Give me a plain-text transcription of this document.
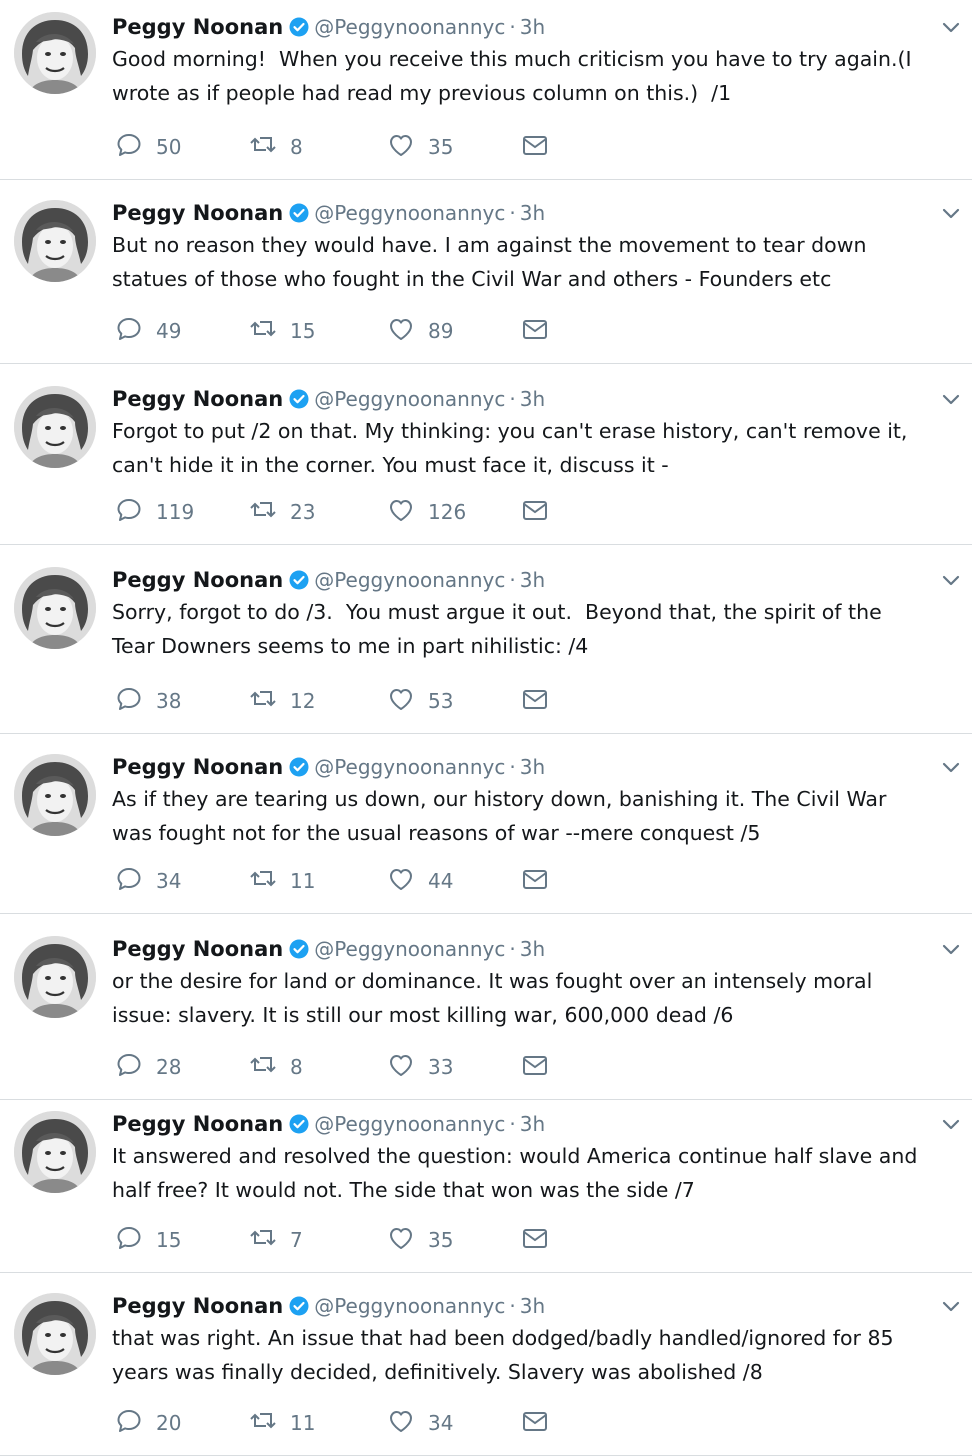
Peggy Noonan @Peggynoonannyc · 3h
Good morning!  When you receive this much criticism you have to try again.(I
wrote as if people had read my previous column on this.)  /1
50	8	35
Peggy Noonan @Peggynoonannyc · 3h
But no reason they would have. I am against the movement to tear down
statues of those who fought in the Civil War and others - Founders etc
49	15	89
Peggy Noonan @Peggynoonannyc · 3h
Forgot to put /2 on that. My thinking: you can't erase history, can't remove it,
can't hide it in the corner. You must face it, discuss it -
119	23	126
Peggy Noonan @Peggynoonannyc · 3h
Sorry, forgot to do /3.  You must argue it out.  Beyond that, the spirit of the
Tear Downers seems to me in part nihilistic: /4
38	12	53
Peggy Noonan @Peggynoonannyc · 3h
As if they are tearing us down, our history down, banishing it. The Civil War
was fought not for the usual reasons of war --mere conquest /5
34	11	44
Peggy Noonan @Peggynoonannyc · 3h
or the desire for land or dominance. It was fought over an intensely moral
issue: slavery. It is still our most killing war, 600,000 dead /6
28	8	33
Peggy Noonan @Peggynoonannyc · 3h
It answered and resolved the question: would America continue half slave and
half free? It would not. The side that won was the side /7
15	7	35
Peggy Noonan @Peggynoonannyc · 3h
that was right. An issue that had been dodged/badly handled/ignored for 85
years was finally decided, definitively. Slavery was abolished /8
20	11	34
